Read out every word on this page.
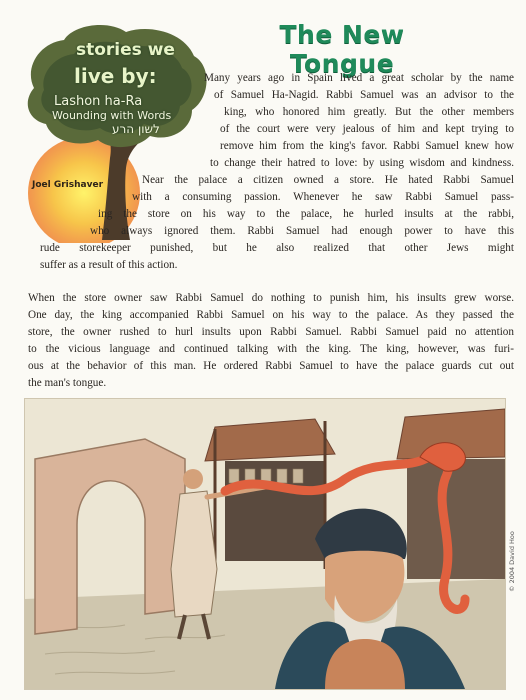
The New Tongue
stories we
live by:
Lashon ha-Ra
Wounding with Words
לשון הרע
Joel Grishaver
Many years ago in Spain lived a great scholar by the name
of Samuel Ha-Nagid. Rabbi Samuel was an advisor to the
king, who honored him greatly. But the other members
of the court were very jealous of him and kept trying to
remove him from the king's favor. Rabbi Samuel knew how
to change their hatred to love: by using wisdom and kindness.
Near the palace a citizen owned a store. He hated Rabbi Samuel
with a consuming passion. Whenever he saw Rabbi Samuel pass-
ing the store on his way to the palace, he hurled insults at the rabbi,
who always ignored them. Rabbi Samuel had enough power to have this
rude storekeeper punished, but he also realized that other Jews might
suffer as a result of this action.
When the store owner saw Rabbi Samuel do nothing to punish him, his insults grew worse.
One day, the king accompanied Rabbi Samuel on his way to the palace. As they passed the
store, the owner rushed to hurl insults upon Rabbi Samuel. Rabbi Samuel paid no attention
to the vicious language and continued talking with the king. The king, however, was furi-
ous at the behavior of this man. He ordered Rabbi Samuel to have the palace guards cut out
the man's tongue.
© 2004 David Hoo
